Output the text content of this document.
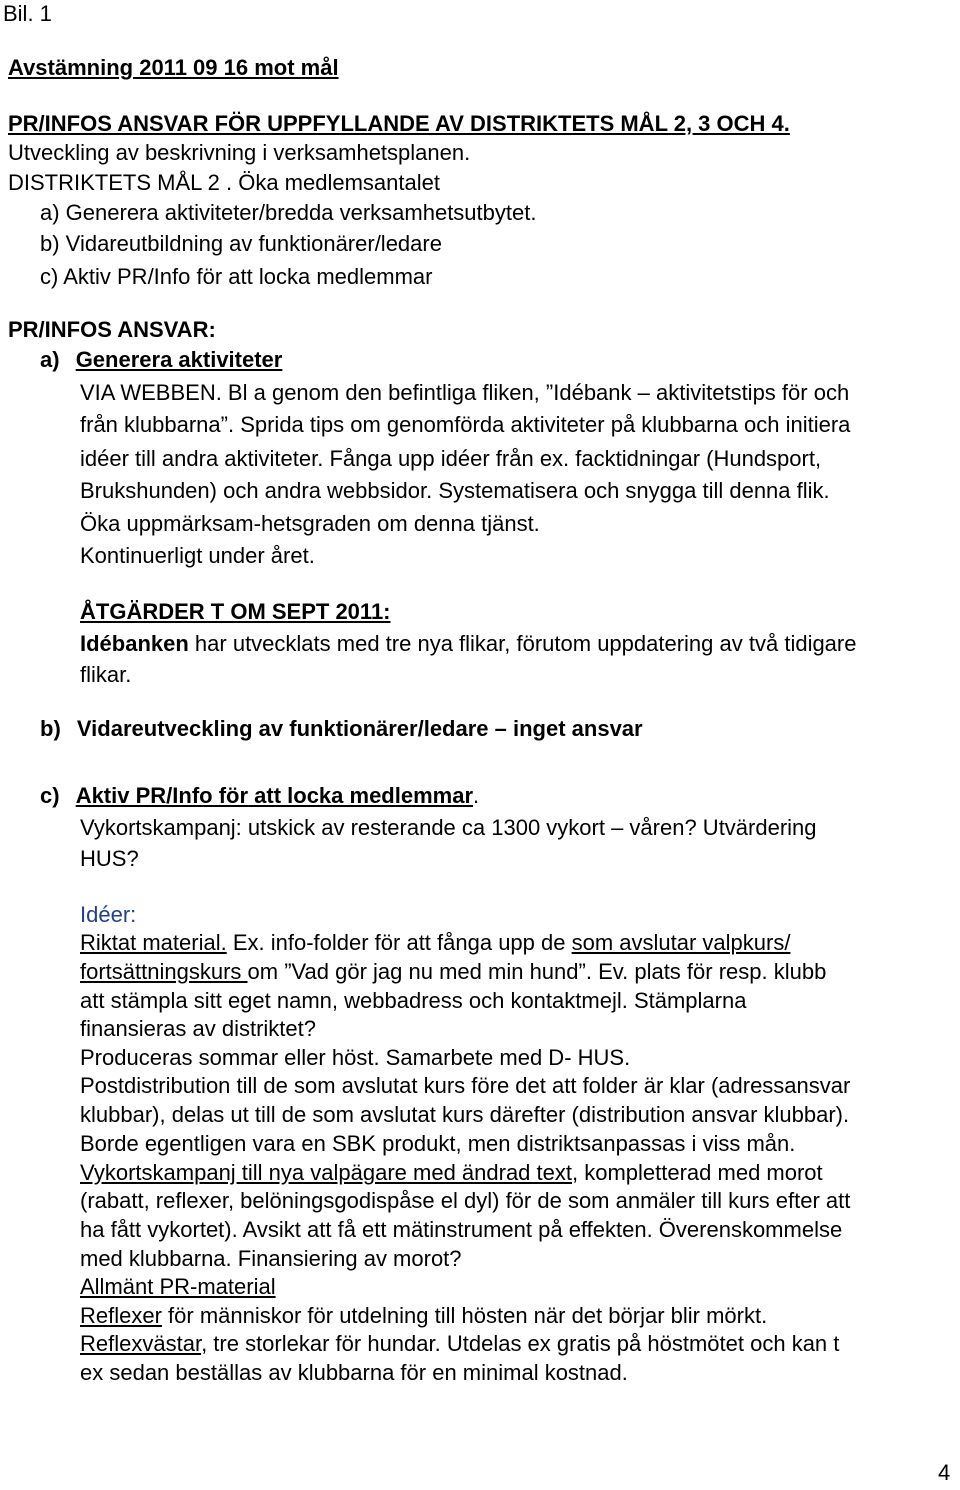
Bil. 1
Avstämning 2011 09 16 mot mål
PR/INFOS ANSVAR FÖR UPPFYLLANDE AV DISTRIKTETS MÅL 2, 3 OCH 4.
Utveckling av beskrivning i verksamhetsplanen.
DISTRIKTETS MÅL 2 . Öka medlemsantalet
a) Generera aktiviteter/bredda verksamhetsutbytet.
b) Vidareutbildning av funktionärer/ledare
c) Aktiv PR/Info för att locka medlemmar
PR/INFOS ANSVAR:
a) Generera aktiviteter
VIA WEBBEN. Bl a genom den befintliga fliken, ”Idébank – aktivitetstips för och
från klubbarna”. Sprida tips om genomförda aktiviteter på klubbarna och initiera
idéer till andra aktiviteter. Fånga upp idéer från ex. facktidningar (Hundsport,
Brukshunden) och andra webbsidor. Systematisera och snygga till denna flik.
Öka uppmärksam-hetsgraden om denna tjänst.
Kontinuerligt under året.
ÅTGÄRDER T OM SEPT 2011:
Idébanken har utvecklats med tre nya flikar, förutom uppdatering av två tidigare
flikar.
b) Vidareutveckling av funktionärer/ledare – inget ansvar
c) Aktiv PR/Info för att locka medlemmar.
Vykortskampanj: utskick av resterande ca 1300 vykort – våren? Utvärdering
HUS?
Idéer:
Riktat material. Ex. info-folder för att fånga upp de som avslutar valpkurs/
fortsättningskurs om ”Vad gör jag nu med min hund”. Ev. plats för resp. klubb
att stämpla sitt eget namn, webbadress och kontaktmejl. Stämplarna
finansieras av distriktet?
Produceras sommar eller höst. Samarbete med D- HUS.
Postdistribution till de som avslutat kurs före det att folder är klar (adressansvar
klubbar), delas ut till de som avslutat kurs därefter (distribution ansvar klubbar).
Borde egentligen vara en SBK produkt, men distriktsanpassas i viss mån.
Vykortskampanj till nya valpägare med ändrad text, kompletterad med morot
(rabatt, reflexer, belöningsgodispåse el dyl) för de som anmäler till kurs efter att
ha fått vykortet). Avsikt att få ett mätinstrument på effekten. Överenskommelse
med klubbarna. Finansiering av morot?
Allmänt PR-material
Reflexer för människor för utdelning till hösten när det börjar blir mörkt.
Reflexvästar, tre storlekar för hundar. Utdelas ex gratis på höstmötet och kan t
ex sedan beställas av klubbarna för en minimal kostnad.
4
